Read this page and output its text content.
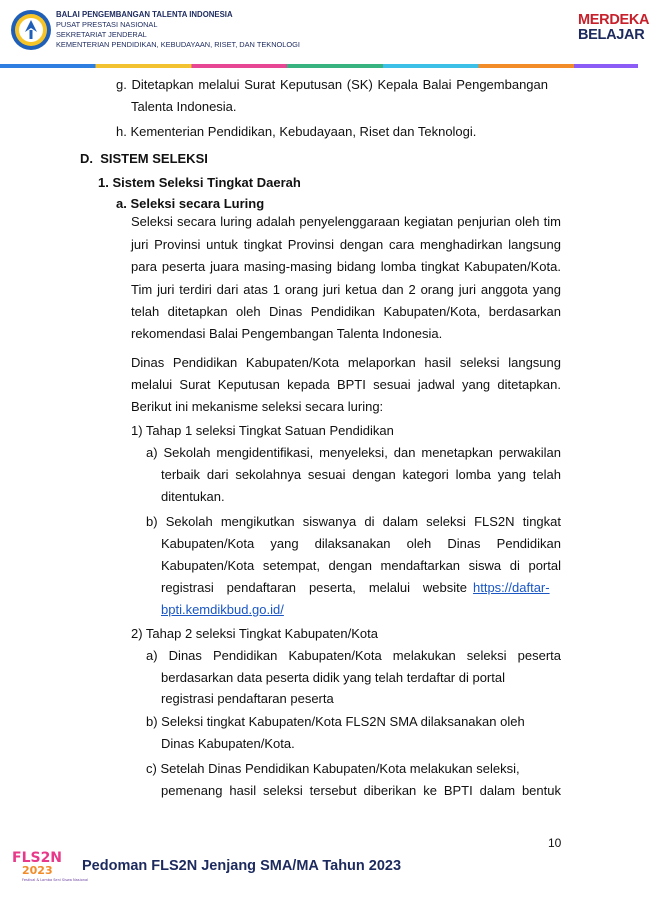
BALAI PENGEMBANGAN TALENTA INDONESIA
PUSAT PRESTASI NASIONAL
SEKRETARIAT JENDERAL
KEMENTERIAN PENDIDIKAN, KEBUDAYAAN, RISET, DAN TEKNOLOGI
MERDEKA
BELAJAR
g. Ditetapkan melalui Surat Keputusan (SK) Kepala Balai Pengembangan
Talenta Indonesia.
h. Kementerian Pendidikan, Kebudayaan, Riset dan Teknologi.
D.  SISTEM SELEKSI
1. Sistem Seleksi Tingkat Daerah
a. Seleksi secara Luring
Seleksi secara luring adalah penyelenggaraan kegiatan penjurian oleh tim
juri Provinsi untuk tingkat Provinsi dengan cara menghadirkan langsung
para peserta juara masing-masing bidang lomba tingkat Kabupaten/Kota.
Tim juri terdiri dari atas 1 orang juri ketua dan 2 orang juri anggota yang
telah ditetapkan oleh Dinas Pendidikan Kabupaten/Kota, berdasarkan
rekomendasi Balai Pengembangan Talenta Indonesia.
Dinas Pendidikan Kabupaten/Kota melaporkan hasil seleksi langsung
melalui Surat Keputusan kepada BPTI sesuai jadwal yang ditetapkan.
Berikut ini mekanisme seleksi secara luring:
1) Tahap 1 seleksi Tingkat Satuan Pendidikan
a) Sekolah mengidentifikasi, menyeleksi, dan menetapkan perwakilan
terbaik dari sekolahnya sesuai dengan kategori lomba yang telah
ditentukan.
b) Sekolah mengikutkan siswanya di dalam seleksi FLS2N tingkat
Kabupaten/Kota yang dilaksanakan oleh Dinas Pendidikan
Kabupaten/Kota setempat, dengan mendaftarkan siswa di portal
registrasi pendaftaran peserta, melalui website https://daftar-
bpti.kemdikbud.go.id/
2) Tahap 2 seleksi Tingkat Kabupaten/Kota
a) Dinas Pendidikan Kabupaten/Kota melakukan seleksi peserta
berdasarkan data peserta didik yang telah terdaftar di portal
registrasi pendaftaran peserta
b) Seleksi tingkat Kabupaten/Kota FLS2N SMA dilaksanakan oleh
Dinas Kabupaten/Kota.
c) Setelah Dinas Pendidikan Kabupaten/Kota melakukan seleksi,
pemenang hasil seleksi tersebut diberikan ke BPTI dalam bentuk
10
FLS2N
2023
Festival & Lomba Seni Siswa Nasional
Pedoman FLS2N Jenjang SMA/MA Tahun 2023
